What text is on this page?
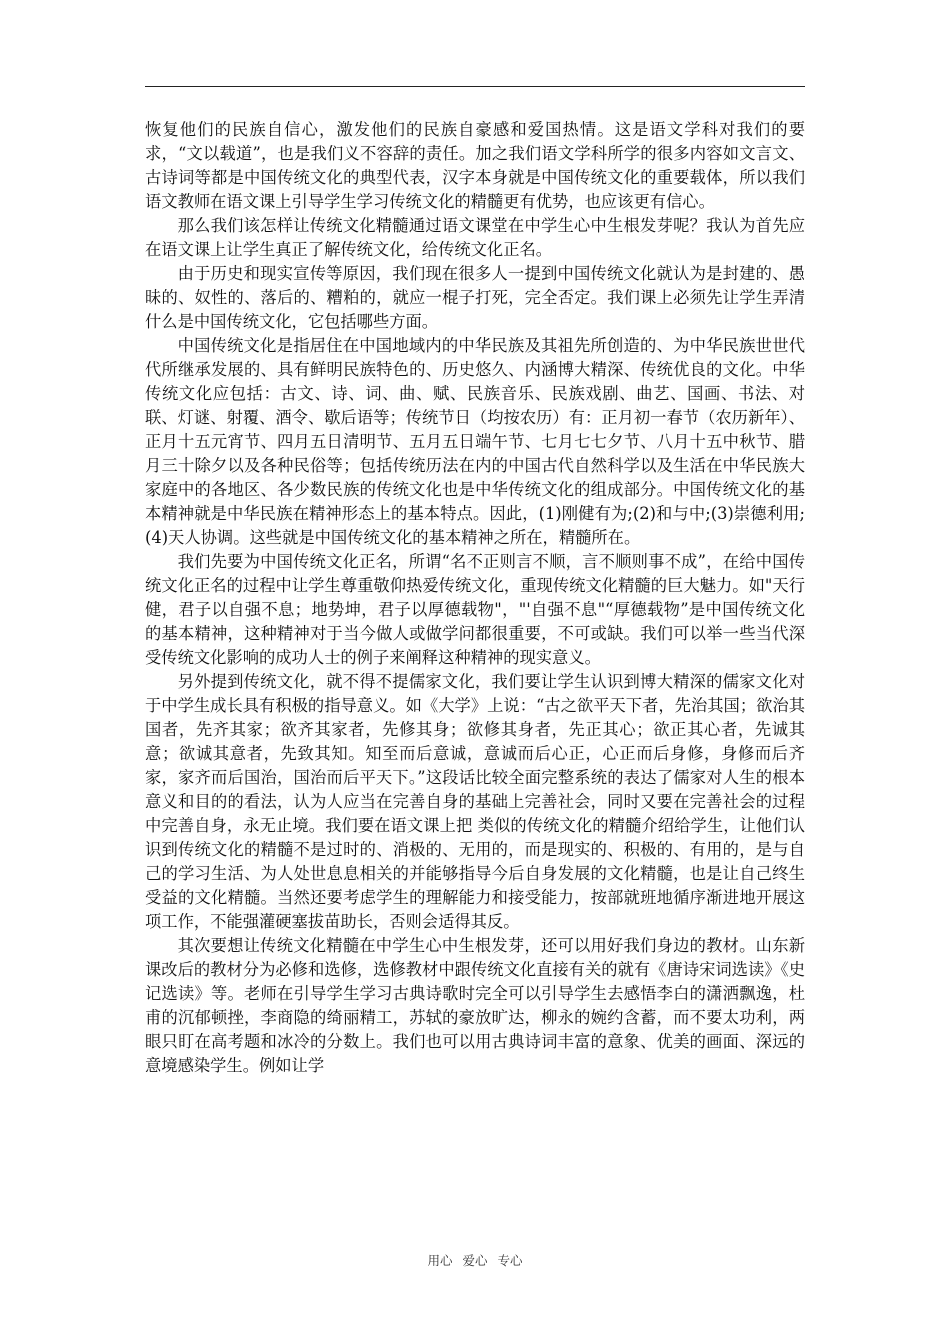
恢复他们的民族自信心，激发他们的民族自豪感和爱国热情。这是语文学科对我们的要求，“文以载道”，也是我们义不容辞的责任。加之我们语文学科所学的很多内容如文言文、古诗词等都是中国传统文化的典型代表，汉字本身就是中国传统文化的重要载体，所以我们语文教师在语文课上引导学生学习传统文化的精髓更有优势，也应该更有信心。

那么我们该怎样让传统文化精髓通过语文课堂在中学生心中生根发芽呢？我认为首先应在语文课上让学生真正了解传统文化，给传统文化正名。

由于历史和现实宣传等原因，我们现在很多人一提到中国传统文化就认为是封建的、愚昧的、奴性的、落后的、糟粕的，就应一棍子打死，完全否定。我们课上必须先让学生弄清什么是中国传统文化，它包括哪些方面。

中国传统文化是指居住在中国地域内的中华民族及其祖先所创造的、为中华民族世世代代所继承发展的、具有鲜明民族特色的、历史悠久、内涵博大精深、传统优良的文化。中华传统文化应包括：古文、诗、词、曲、赋、民族音乐、民族戏剧、曲艺、国画、书法、对联、灯谜、射覆、酒令、歇后语等；传统节日（均按农历）有：正月初一春节（农历新年）、正月十五元宵节、四月五日清明节、五月五日端午节、七月七七夕节、八月十五中秋节、腊月三十除夕以及各种民俗等；包括传统历法在内的中国古代自然科学以及生活在中华民族大家庭中的各地区、各少数民族的传统文化也是中华传统文化的组成部分。中国传统文化的基本精神就是中华民族在精神形态上的基本特点。因此，(1)刚健有为;(2)和与中;(3)崇德利用;(4)天人协调。这些就是中国传统文化的基本精神之所在，精髓所在。

我们先要为中国传统文化正名，所谓“名不正则言不顺，言不顺则事不成”，在给中国传统文化正名的过程中让学生尊重敬仰热爱传统文化，重现传统文化精髓的巨大魅力。如"天行健，君子以自强不息；地势坤，君子以厚德载物"，"'自强不息"“厚德载物”是中国传统文化的基本精神，这种精神对于当今做人或做学问都很重要，不可或缺。我们可以举一些当代深受传统文化影响的成功人士的例子来阐释这种精神的现实意义。

另外提到传统文化，就不得不提儒家文化，我们要让学生认识到博大精深的儒家文化对于中学生成长具有积极的指导意义。如《大学》上说：“古之欲平天下者，先治其国；欲治其国者，先齐其家；欲齐其家者，先修其身；欲修其身者，先正其心；欲正其心者，先诚其意；欲诚其意者，先致其知。知至而后意诚，意诚而后心正，心正而后身修，身修而后齐家，家齐而后国治，国治而后平天下。”这段话比较全面完整系统的表达了儒家对人生的根本意义和目的的看法，认为人应当在完善自身的基础上完善社会，同时又要在完善社会的过程中完善自身，永无止境。我们要在语文课上把 类似的传统文化的精髓介绍给学生，让他们认识到传统文化的精髓不是过时的、消极的、无用的，而是现实的、积极的、有用的，是与自己的学习生活、为人处世息息相关的并能够指导今后自身发展的文化精髓，也是让自己终生受益的文化精髓。当然还要考虑学生的理解能力和接受能力，按部就班地循序渐进地开展这项工作，不能强灌硬塞拔苗助长，否则会适得其反。

其次要想让传统文化精髓在中学生心中生根发芽，还可以用好我们身边的教材。山东新课改后的教材分为必修和选修，选修教材中跟传统文化直接有关的就有《唐诗宋词选读》《史记选读》等。老师在引导学生学习古典诗歌时完全可以引导学生去感悟李白的潇洒飘逸，杜甫的沉郁顿挫，李商隐的绮丽精工，苏轼的豪放旷达，柳永的婉约含蓄，而不要太功利，两眼只盯在高考题和冰冷的分数上。我们也可以用古典诗词丰富的意象、优美的画面、深远的意境感染学生。例如让学

用心 爱心 专心
